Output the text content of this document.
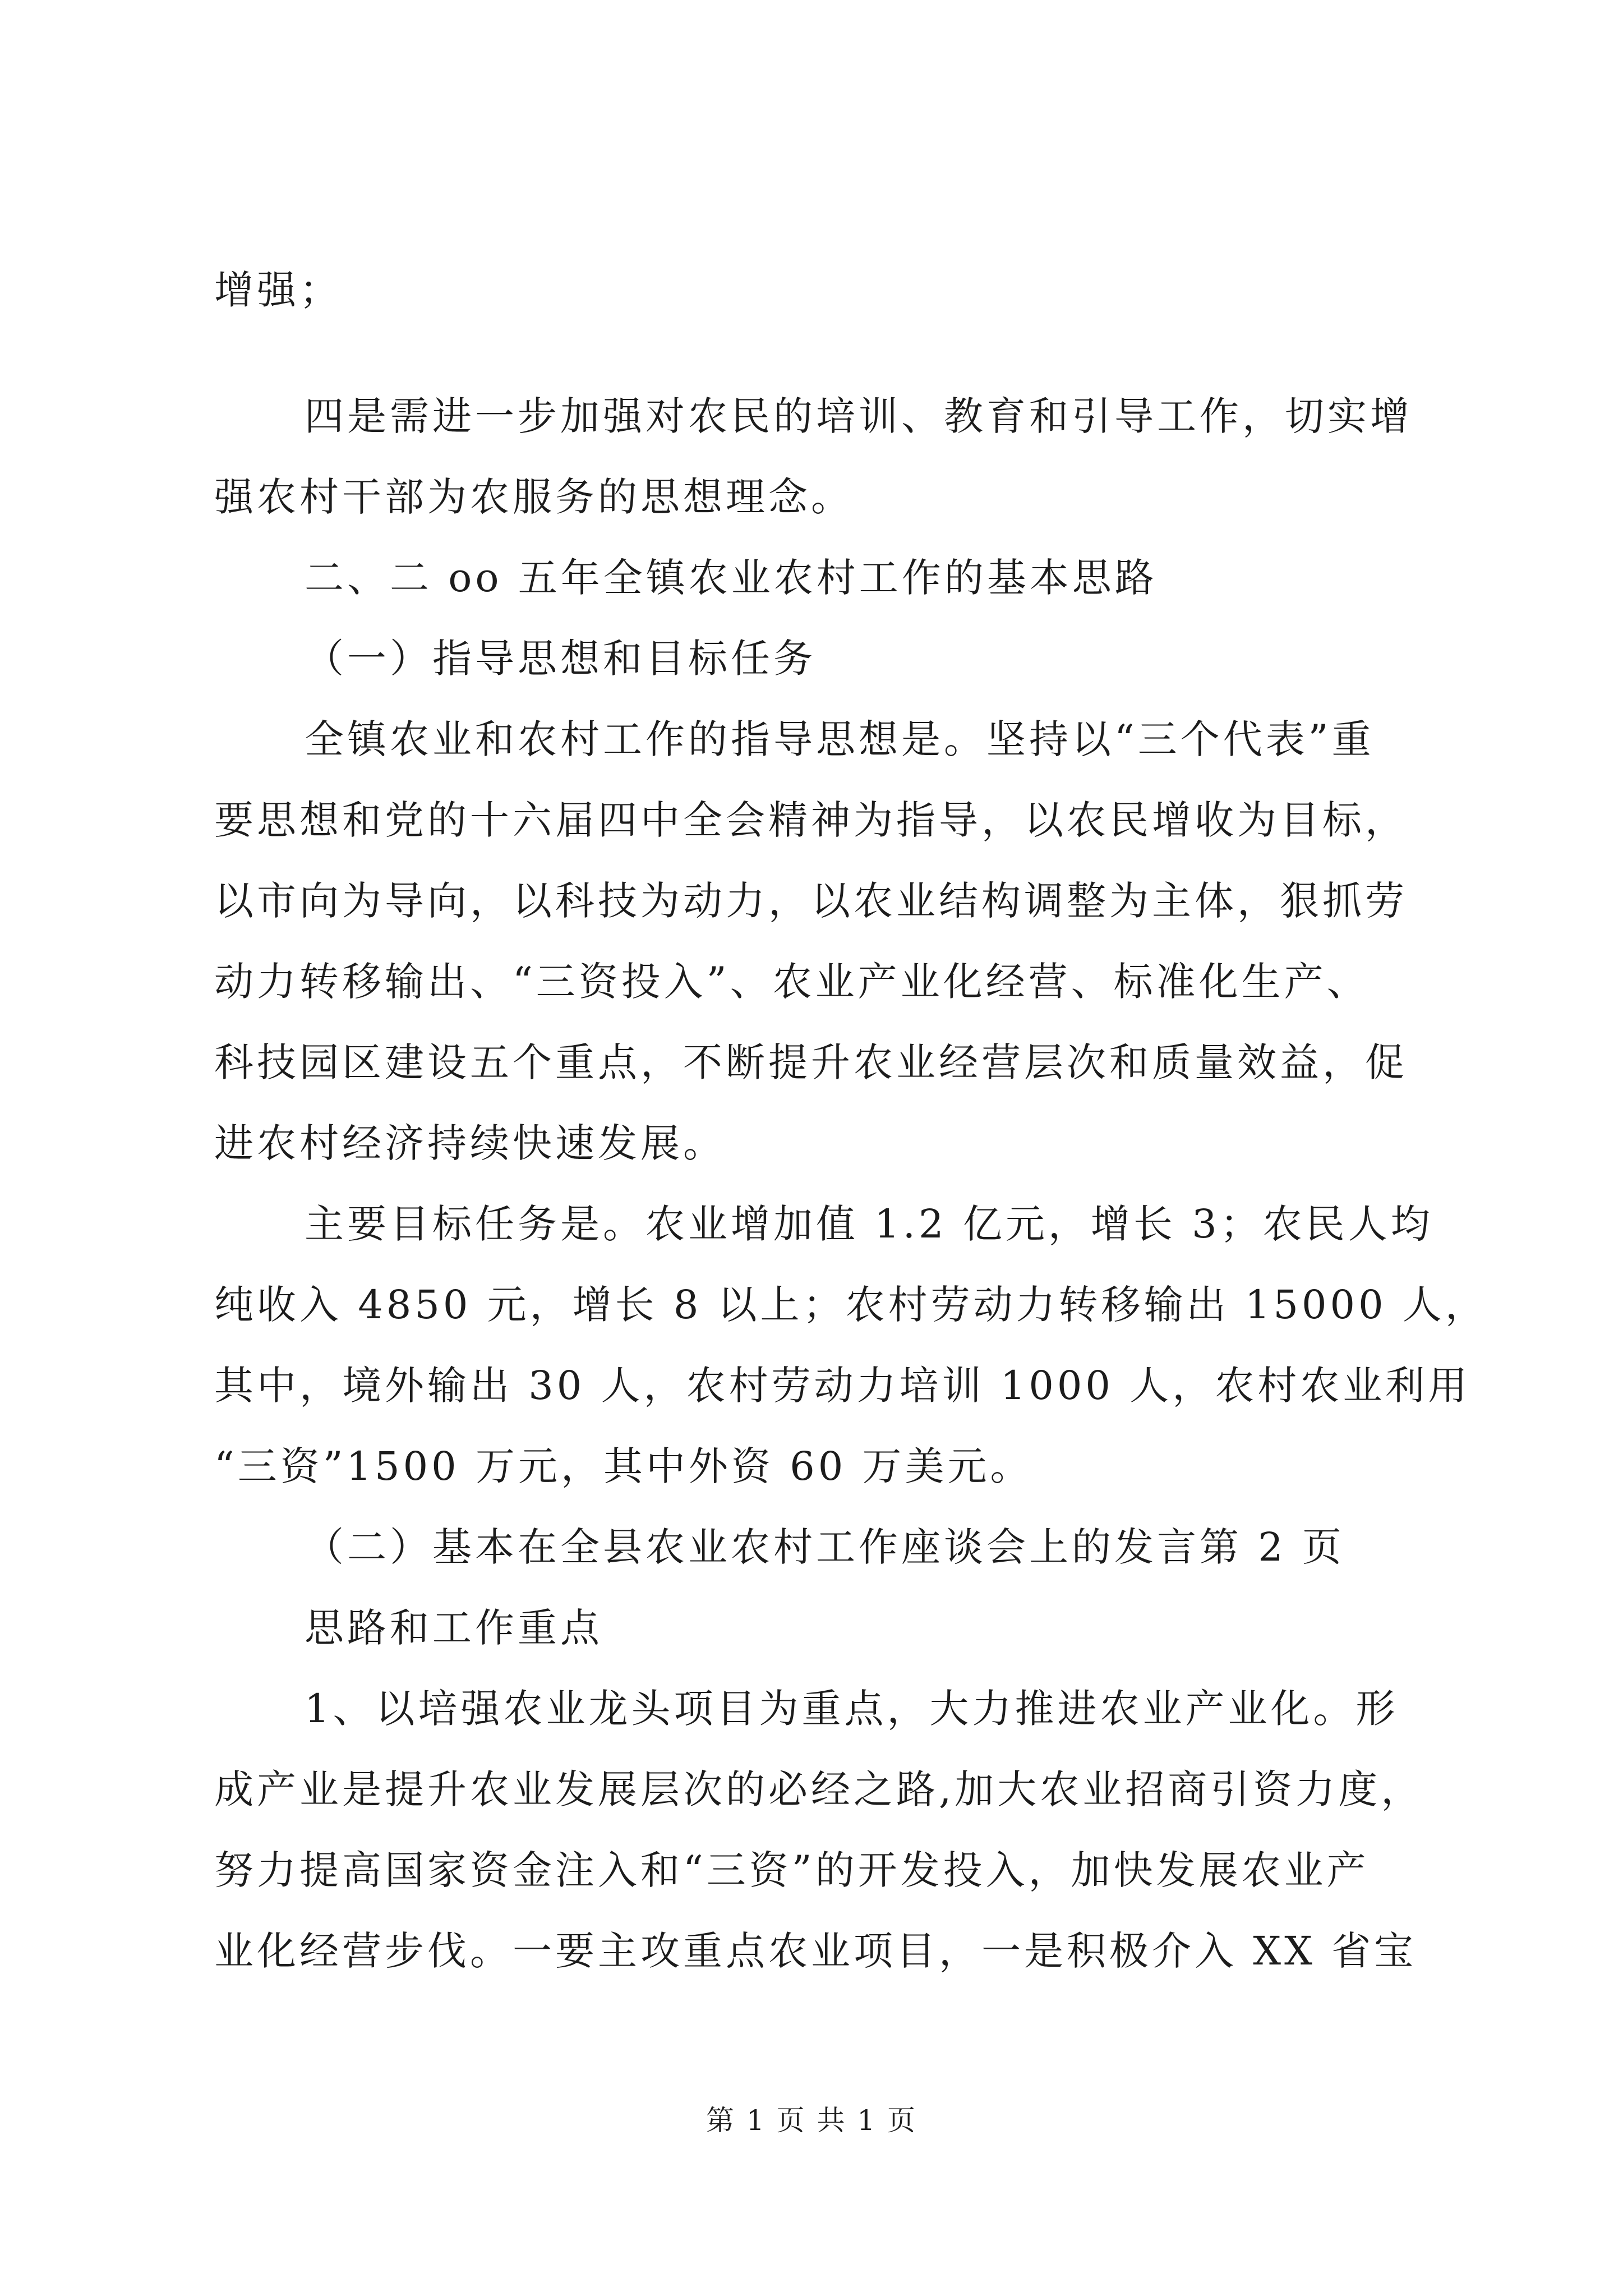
增强；
四是需进一步加强对农民的培训、教育和引导工作，切实增
强农村干部为农服务的思想理念。
二、二 oo 五年全镇农业农村工作的基本思路
（一）指导思想和目标任务
全镇农业和农村工作的指导思想是。坚持以“三个代表”重
要思想和党的十六届四中全会精神为指导，以农民增收为目标，
以市向为导向，以科技为动力，以农业结构调整为主体，狠抓劳
动力转移输出、“三资投入”、农业产业化经营、标准化生产、
科技园区建设五个重点，不断提升农业经营层次和质量效益，促
进农村经济持续快速发展。
主要目标任务是。农业增加值 1.2 亿元，增长 3；农民人均
纯收入 4850 元，增长 8 以上；农村劳动力转移输出 15000 人，
其中，境外输出 30 人，农村劳动力培训 1000 人，农村农业利用
“三资”1500 万元，其中外资 60 万美元。
（二）基本在全县农业农村工作座谈会上的发言第 2 页
思路和工作重点
1、以培强农业龙头项目为重点，大力推进农业产业化。形
成产业是提升农业发展层次的必经之路,加大农业招商引资力度，
努力提高国家资金注入和“三资”的开发投入，加快发展农业产
业化经营步伐。一要主攻重点农业项目，一是积极介入 XX 省宝
第 1 页 共 1 页
